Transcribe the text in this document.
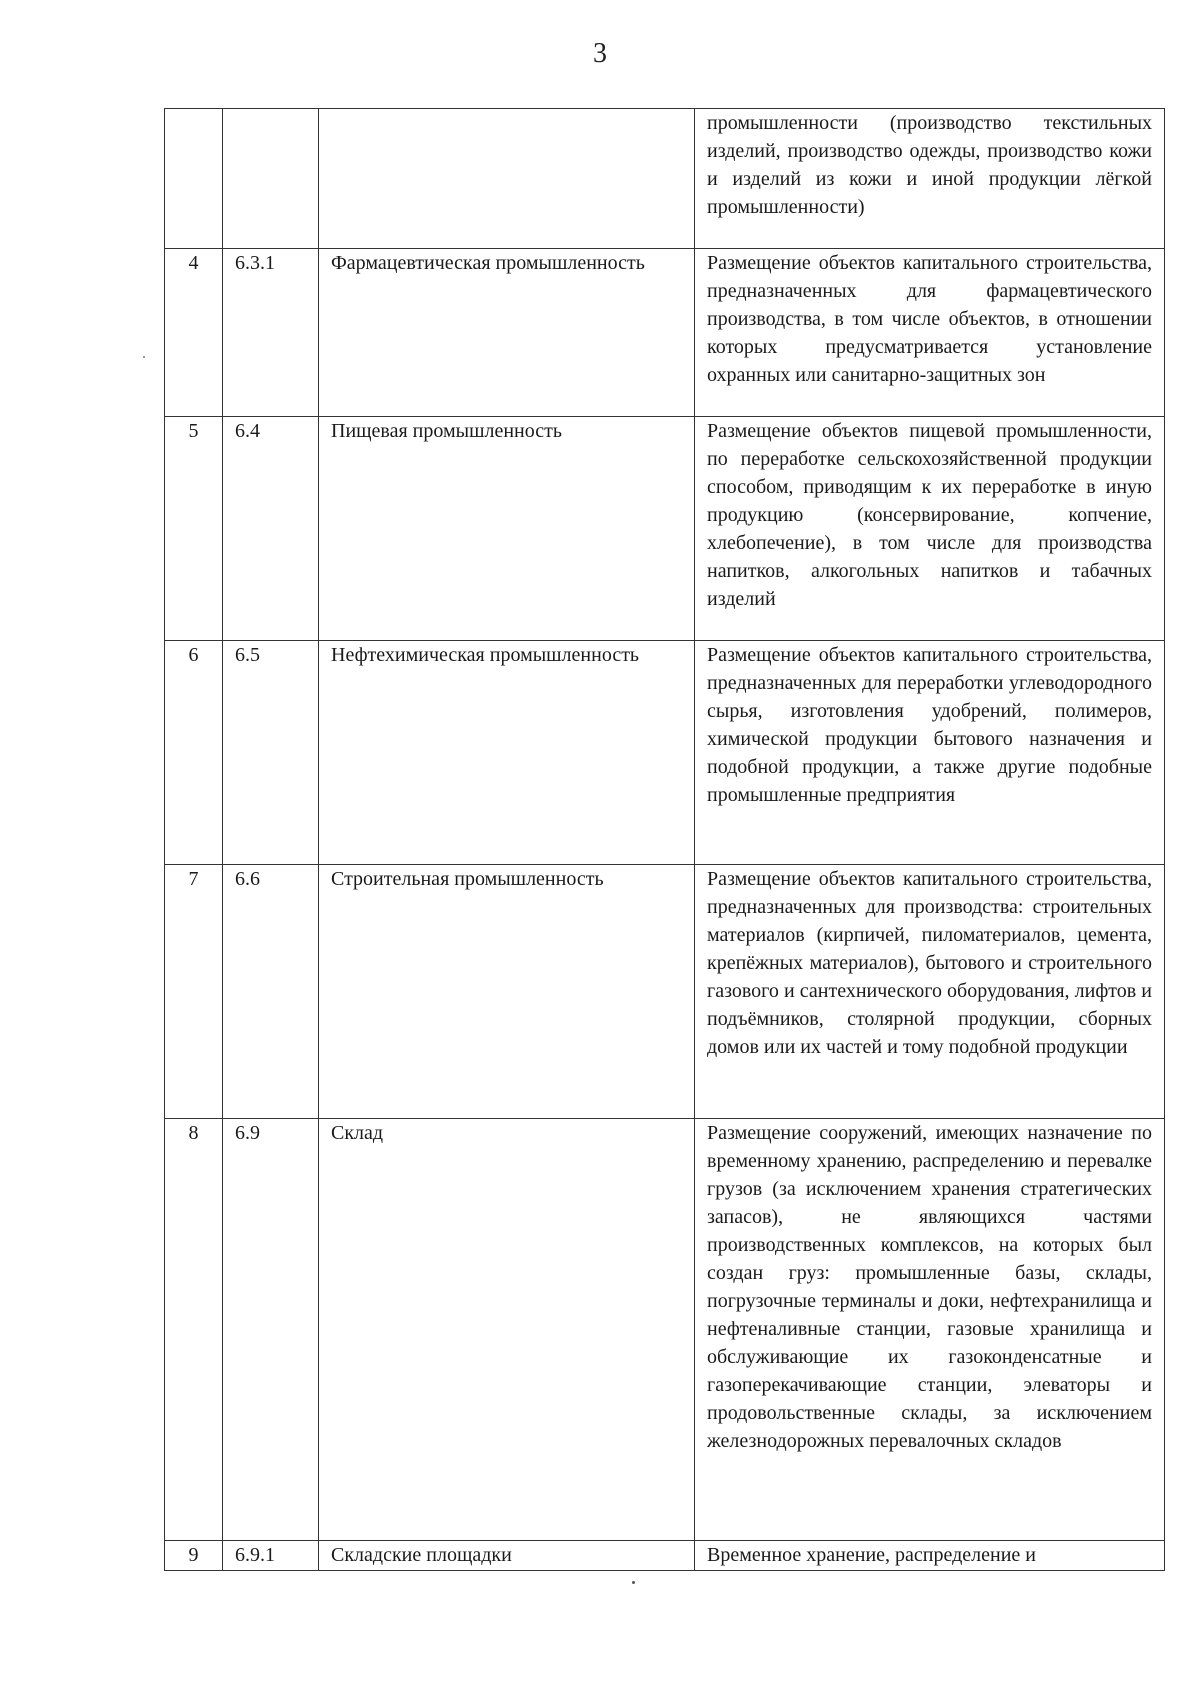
3
			промышленности (производство текстильных изделий, производство одежды, производство кожи и изделий из кожи и иной продукции лёгкой промышленности)
4	6.3.1	Фармацевтическая промышленность	Размещение объектов капитального строительства, предназначенных для фармацевтического производства, в том числе объектов, в отношении которых предусматривается установление охранных или санитарно-защитных зон
5	6.4	Пищевая промышленность	Размещение объектов пищевой промышленности, по переработке сельскохозяйственной продукции способом, приводящим к их переработке в иную продукцию (консервирование, копчение, хлебопечение), в том числе для производства напитков, алкогольных напитков и табачных изделий
6	6.5	Нефтехимическая промышленность	Размещение объектов капитального строительства, предназначенных для переработки углеводородного сырья, изготовления удобрений, полимеров, химической продукции бытового назначения и подобной продукции, а также другие подобные промышленные предприятия
7	6.6	Строительная промышленность	Размещение объектов капитального строительства, предназначенных для производства: строительных материалов (кирпичей, пиломатериалов, цемента, крепёжных материалов), бытового и строительного газового и сантехнического оборудования, лифтов и подъёмников, столярной продукции, сборных домов или их частей и тому подобной продукции
8	6.9	Склад	Размещение сооружений, имеющих назначение по временному хранению, распределению и перевалке грузов (за исключением хранения стратегических запасов), не являющихся частями производственных комплексов, на которых был создан груз: промышленные базы, склады, погрузочные терминалы и доки, нефтехранилища и нефтеналивные станции, газовые хранилища и обслуживающие их газоконденсатные и газоперекачивающие станции, элеваторы и продовольственные склады, за исключением железнодорожных перевалочных складов
9	6.9.1	Складские площадки	Временное хранение, распределение и
